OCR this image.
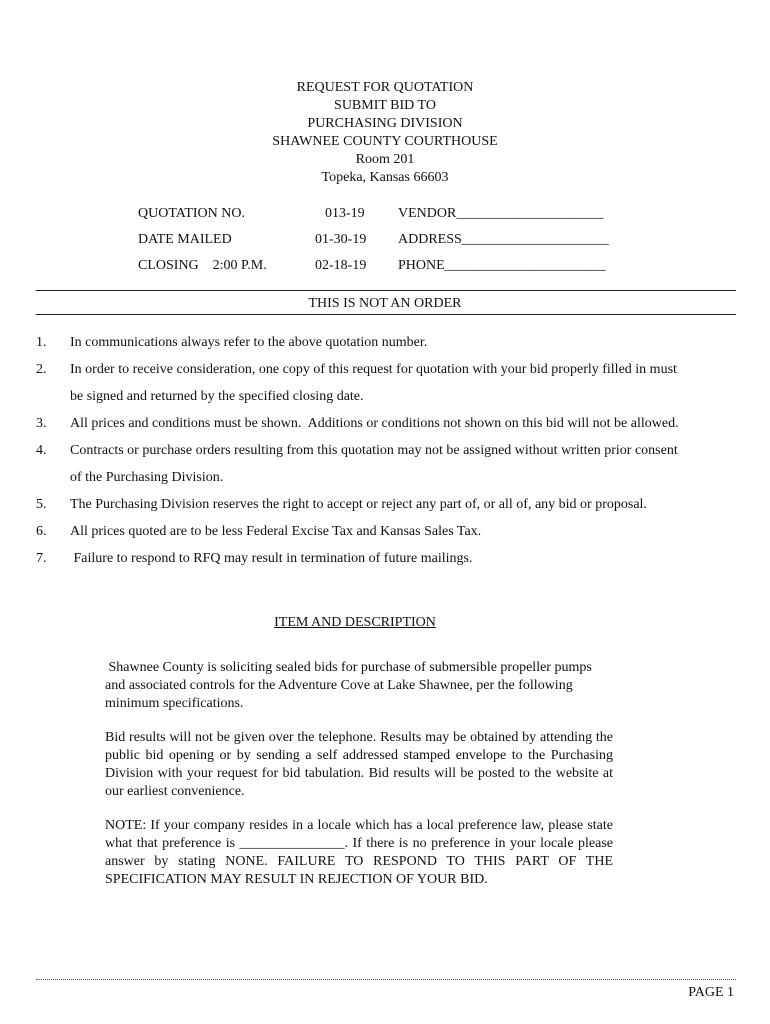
REQUEST FOR QUOTATION
SUBMIT BID TO
PURCHASING DIVISION
SHAWNEE COUNTY COURTHOUSE
Room 201
Topeka, Kansas 66603
QUOTATION NO.	013-19 VENDOR_____________________
DATE MAILED	01-30-19 ADDRESS_____________________
CLOSING    2:00 P.M.	02-18-19 PHONE_______________________
THIS IS NOT AN ORDER
1. In communications always refer to the above quotation number.
2. In order to receive consideration, one copy of this request for quotation with your bid properly filled in must
be signed and returned by the specified closing date.
3. All prices and conditions must be shown.  Additions or conditions not shown on this bid will not be allowed.
4. Contracts or purchase orders resulting from this quotation may not be assigned without written prior consent
of the Purchasing Division.
5. The Purchasing Division reserves the right to accept or reject any part of, or all of, any bid or proposal.
6. All prices quoted are to be less Federal Excise Tax and Kansas Sales Tax.
7. Failure to respond to RFQ may result in termination of future mailings.
ITEM AND DESCRIPTION
Shawnee County is soliciting sealed bids for purchase of submersible propeller pumps and associated controls for the Adventure Cove at Lake Shawnee, per the following minimum specifications.
Bid results will not be given over the telephone. Results may be obtained by attending the public bid opening or by sending a self addressed stamped envelope to the Purchasing Division with your request for bid tabulation. Bid results will be posted to the website at our earliest convenience.
NOTE: If your company resides in a locale which has a local preference law, please state what that preference is _______________. If there is no preference in your locale please answer by stating NONE. FAILURE TO RESPOND TO THIS PART OF THE SPECIFICATION MAY RESULT IN REJECTION OF YOUR BID.
PAGE 1
